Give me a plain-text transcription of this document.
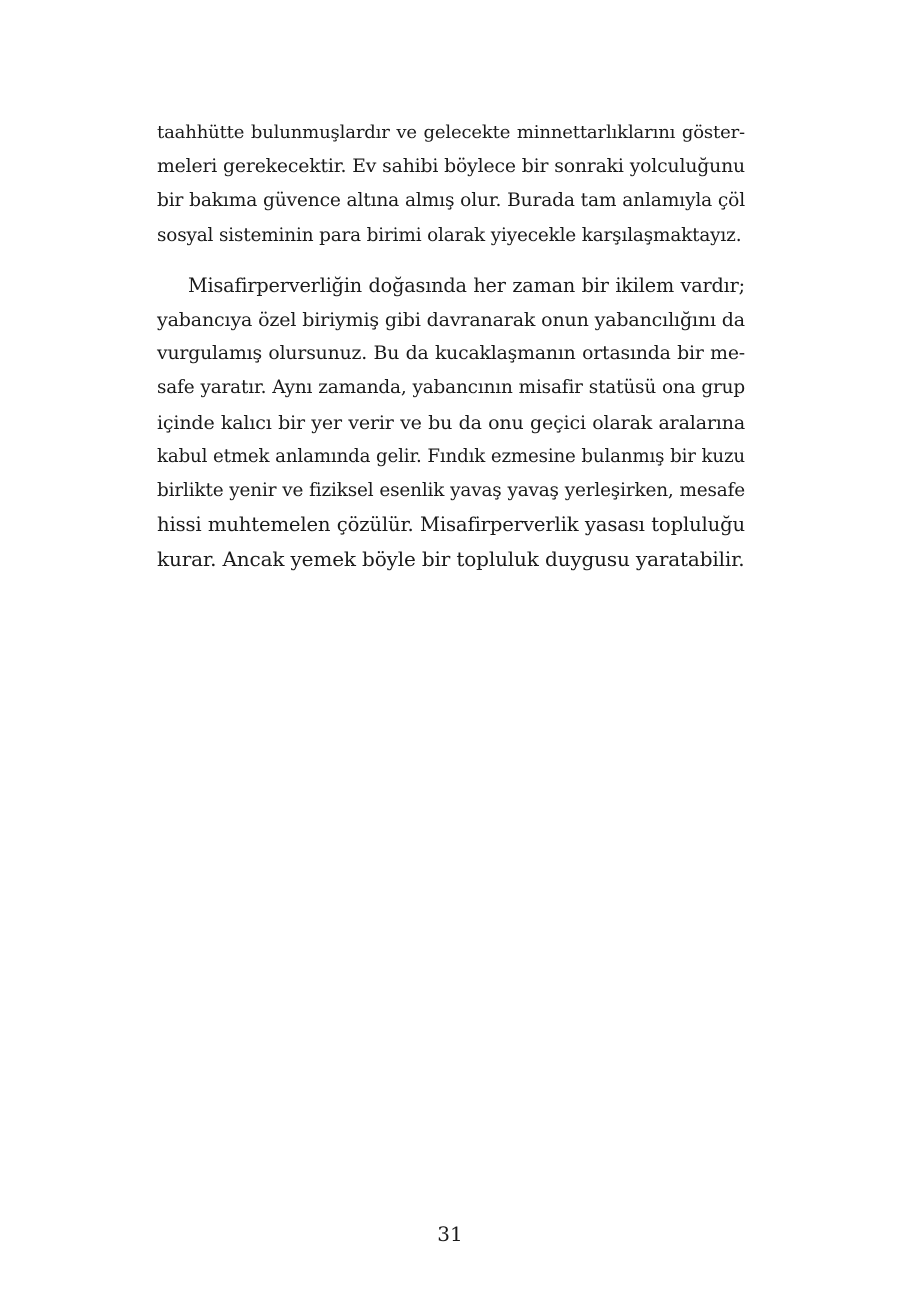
taahhütte bulunmuşlardır ve gelecekte minnettarlıklarını göster-
meleri gerekecektir. Ev sahibi böylece bir sonraki yolculuğunu
bir bakıma güvence altına almış olur. Burada tam anlamıyla çöl
sosyal sisteminin para birimi olarak yiyecekle karşılaşmaktayız.
Misafirperverliğin doğasında her zaman bir ikilem vardır;
yabancıya özel biriymiş gibi davranarak onun yabancılığını da
vurgulamış olursunuz. Bu da kucaklaşmanın ortasında bir me-
safe yaratır. Aynı zamanda, yabancının misafir statüsü ona grup
içinde kalıcı bir yer verir ve bu da onu geçici olarak aralarına
kabul etmek anlamında gelir. Fındık ezmesine bulanmış bir kuzu
birlikte yenir ve fiziksel esenlik yavaş yavaş yerleşirken, mesafe
hissi muhtemelen çözülür. Misafirperverlik yasası topluluğu
kurar. Ancak yemek böyle bir topluluk duygusu yaratabilir.
31
